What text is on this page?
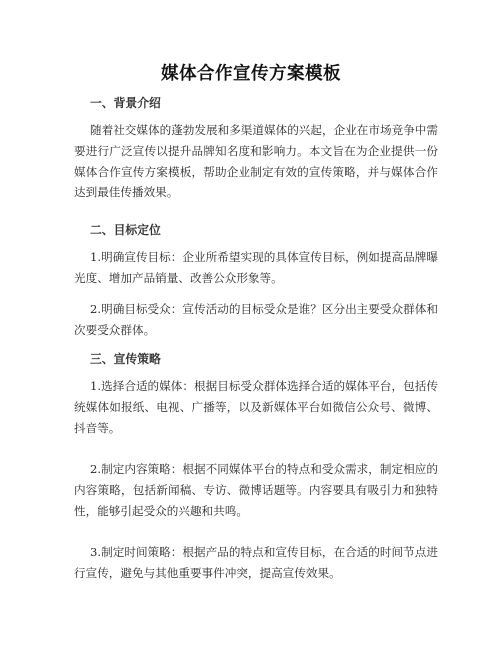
媒体合作宣传方案模板
一、背景介绍

随着社交媒体的蓬勃发展和多渠道媒体的兴起，企业在市场竞争中需要进行广泛宣传以提升品牌知名度和影响力。本文旨在为企业提供一份媒体合作宣传方案模板，帮助企业制定有效的宣传策略，并与媒体合作达到最佳传播效果。

二、目标定位

1.明确宣传目标：企业所希望实现的具体宣传目标，例如提高品牌曝光度、增加产品销量、改善公众形象等。

2.明确目标受众：宣传活动的目标受众是谁？区分出主要受众群体和次要受众群体。

三、宣传策略

1.选择合适的媒体：根据目标受众群体选择合适的媒体平台，包括传统媒体如报纸、电视、广播等，以及新媒体平台如微信公众号、微博、抖音等。

2.制定内容策略：根据不同媒体平台的特点和受众需求，制定相应的内容策略，包括新闻稿、专访、微博话题等。内容要具有吸引力和独特性，能够引起受众的兴趣和共鸣。

3.制定时间策略：根据产品的特点和宣传目标，在合适的时间节点进行宣传，避免与其他重要事件冲突，提高宣传效果。
